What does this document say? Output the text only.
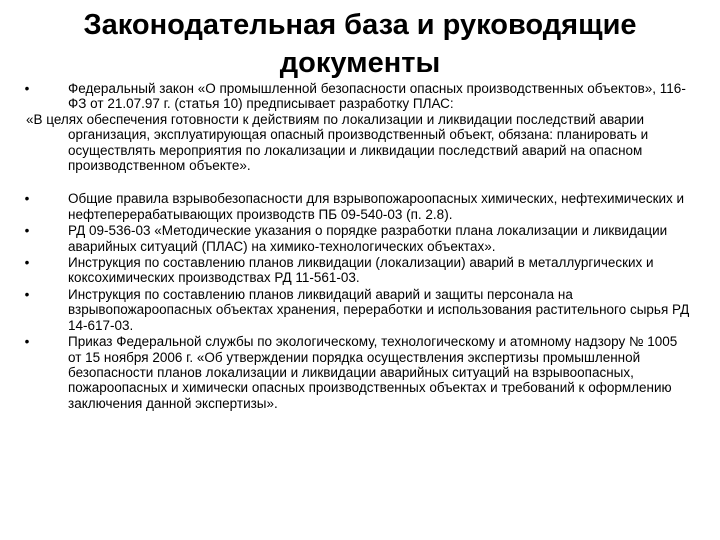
Законодательная база и руководящие документы

•	Федеральный закон «О промышленной безопасности опасных производственных объектов», 116-ФЗ от 21.07.97 г. (статья 10) предписывает разработку ПЛАС:

«В целях обеспечения готовности к действиям по локализации и ликвидации последствий аварии организация, эксплуатирующая опасный производственный объект, обязана: планировать и осуществлять мероприятия по локализации и ликвидации последствий аварий на опасном производственном объекте».

•	Общие правила взрывобезопасности для взрывопожароопасных химических, нефтехимических и нефтеперерабатывающих производств ПБ 09-540-03 (п. 2.8).

•	РД 09-536-03 «Методические указания о порядке разработки плана локализации и ликвидации аварийных ситуаций (ПЛАС) на химико-технологических объектах».

•	Инструкция по составлению планов ликвидации (локализации) аварий в металлургических и коксохимических производствах РД 11-561-03.

•	Инструкция по составлению планов ликвидаций аварий и защиты персонала на взрывопожароопасных объектах хранения, переработки и использования растительного сырья РД 14-617-03.

•	Приказ Федеральной службы по экологическому, технологическому и атомному надзору № 1005 от 15 ноября 2006 г. «Об утверждении порядка осуществления экспертизы промышленной безопасности планов локализации и ликвидации аварийных ситуаций на взрывоопасных, пожароопасных и химически опасных производственных объектах и требований к оформлению заключения данной экспертизы».
